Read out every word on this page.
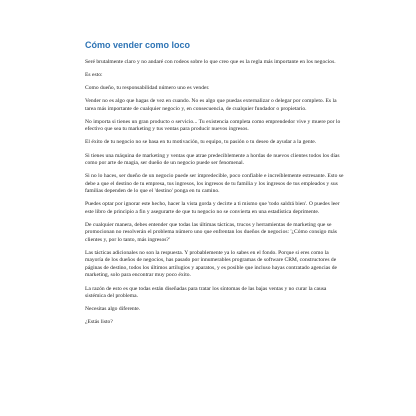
Cómo vender como loco

Seré brutalmente claro y no andaré con rodeos sobre lo que creo que es la regla más importante en los negocios.

Es esto:

Como dueño, tu responsabilidad número uno es vender.

Vender no es algo que hagas de vez en cuando. No es algo que puedas externalizar o delegar por completo. Es la tarea más importante de cualquier negocio y, en consecuencia, de cualquier fundador o propietario.

No importa si tienes un gran producto o servicio... Tu existencia completa como emprendedor vive y muere por lo efectivo que sea tu marketing y tus ventas para producir nuevos ingresos.

El éxito de tu negocio no se basa en tu motivación, tu equipo, tu pasión o tu deseo de ayudar a la gente.

Si tienes una máquina de marketing y ventas que atrae predeciblemente a hordas de nuevos clientes todos los días como por arte de magia, ser dueño de un negocio puede ser fenomenal.

Si no lo haces, ser dueño de un negocio puede ser impredecible, poco confiable e increíblemente estresante. Esto se debe a que el destino de tu empresa, tus ingresos, los ingresos de tu familia y los ingresos de tus empleados y sus familias dependen de lo que el 'destino' ponga en tu camino.

Puedes optar por ignorar este hecho, hacer la vista gorda y decirte a ti mismo que 'todo saldrá bien'. O puedes leer este libro de principio a fin y asegurarte de que tu negocio no se convierta en una estadística deprimente.

De cualquier manera, debes entender que todas las últimas tácticas, trucos y herramientas de marketing que se promocionan no resolverán el problema número uno que enfrentan los dueños de negocios: '¿Cómo consigo más clientes y, por lo tanto, más ingresos?'

Las tácticas adicionales no son la respuesta. Y probablemente ya lo sabes en el fondo. Porque si eres como la mayoría de los dueños de negocios, has pasado por innumerables programas de software CRM, constructores de páginas de destino, todos los últimos artilugios y aparatos, y es posible que incluso hayas contratado agencias de marketing, solo para encontrar muy poco éxito.

La razón de esto es que todas están diseñadas para tratar los síntomas de las bajas ventas y no curar la causa sistémica del problema.

Necesitas algo diferente.

¿Estás listo?
